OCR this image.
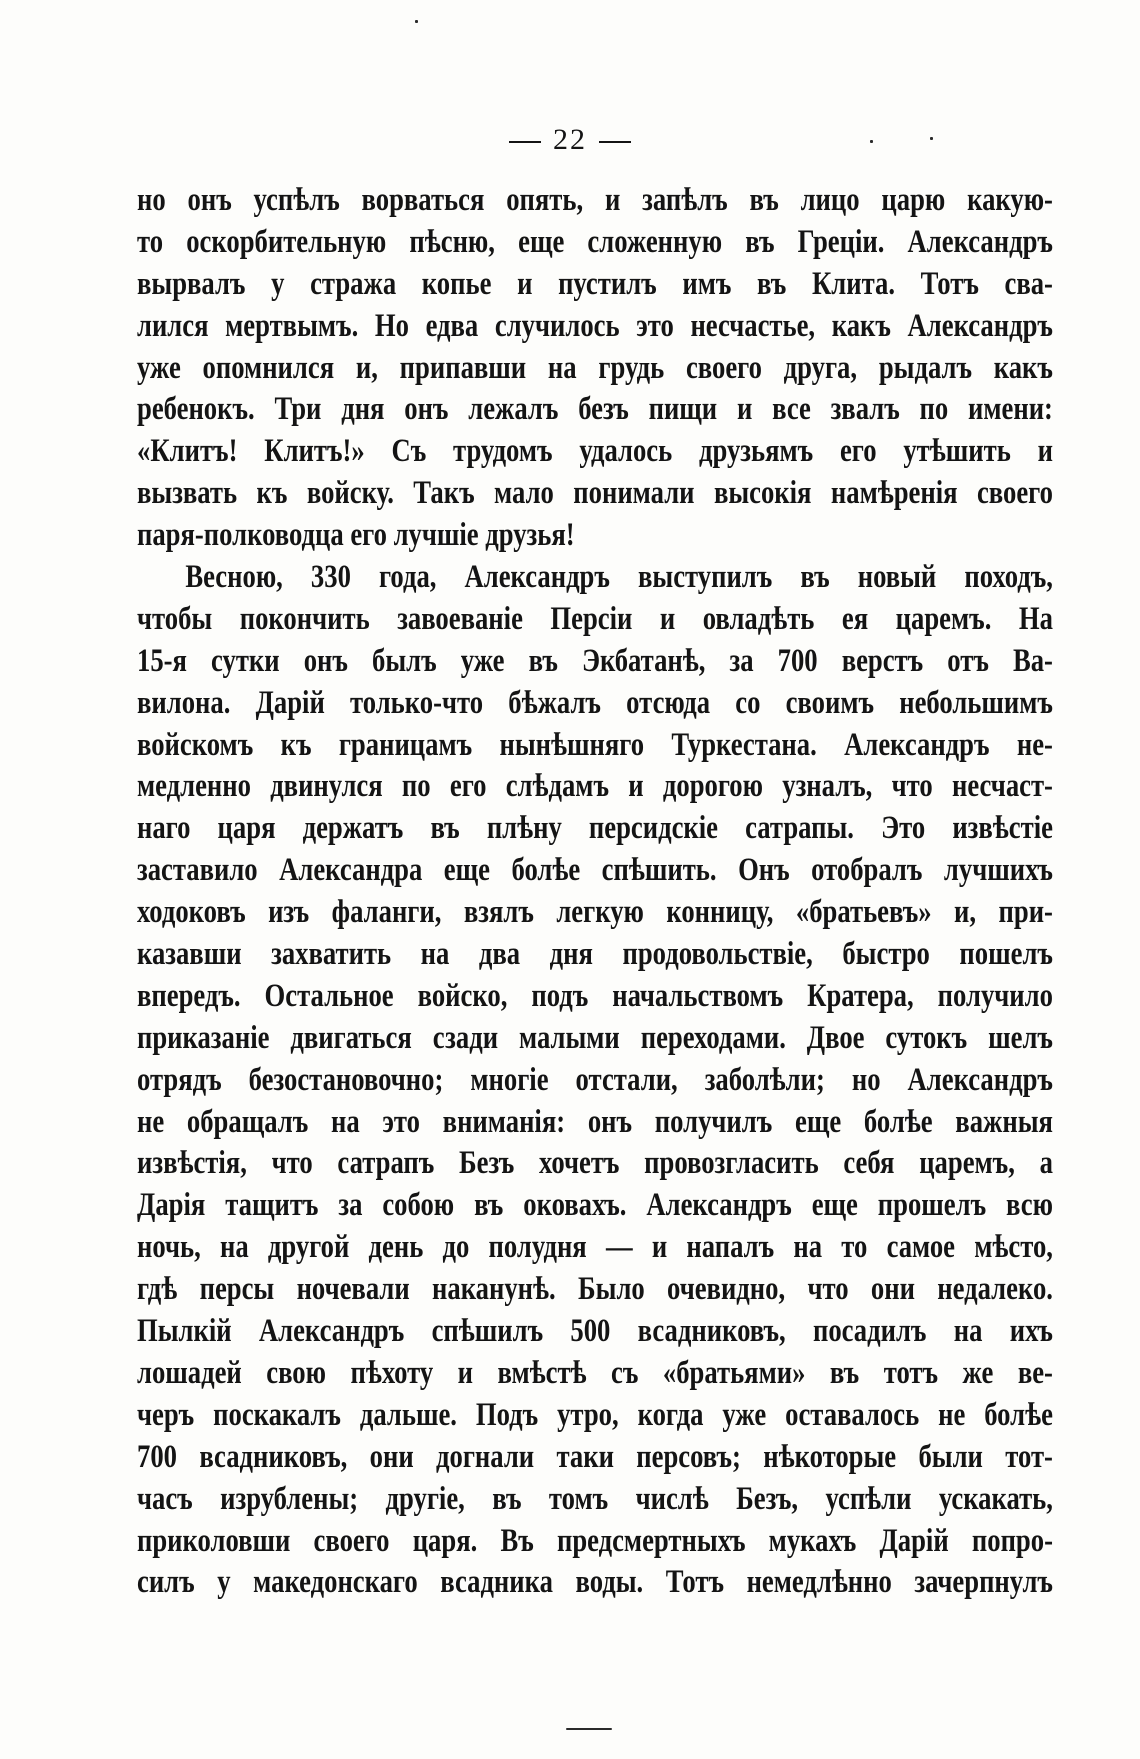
22
но онъ успѣлъ ворваться опять, и запѣлъ въ лицо царю какую-
то оскорбительную пѣсню, еще сложенную въ Греціи. Александръ
вырвалъ у стража копье и пустилъ имъ въ Клита. Тотъ сва-
лился мертвымъ. Но едва случилось это несчастье, какъ Александръ
уже опомнился и, припавши на грудь своего друга, рыдалъ какъ
ребенокъ. Три дня онъ лежалъ безъ пищи и все звалъ по имени:
«Клитъ! Клитъ!» Съ трудомъ удалось друзьямъ его утѣшить и
вызвать къ войску. Такъ мало понимали высокія намѣренія своего
паря-полководца его лучшіе друзья!
Весною, 330 года, Александръ выступилъ въ новый походъ,
чтобы покончить завоеваніе Персіи и овладѣть ея царемъ. На
15-я сутки онъ былъ уже въ Экбатанѣ, за 700 верстъ отъ Ва-
вилона. Дарій только-что бѣжалъ отсюда со своимъ небольшимъ
войскомъ къ границамъ нынѣшняго Туркестана. Александръ не-
медленно двинулся по его слѣдамъ и дорогою узналъ, что несчаст-
наго царя держатъ въ плѣну персидскіе сатрапы. Это извѣстіе
заставило Александра еще болѣе спѣшить. Онъ отобралъ лучшихъ
ходоковъ изъ фаланги, взялъ легкую конницу, «братьевъ» и, при-
казавши захватить на два дня продовольствіе, быстро пошелъ
впередъ. Остальное войско, подъ начальствомъ Кратера, получило
приказаніе двигаться сзади малыми переходами. Двое сутокъ шелъ
отрядъ безостановочно; многіе отстали, заболѣли; но Александръ
не обращалъ на это вниманія: онъ получилъ еще болѣе важныя
извѣстія, что сатрапъ Безъ хочетъ провозгласить себя царемъ, а
Дарія тащитъ за собою въ оковахъ. Александръ еще прошелъ всю
ночь, на другой день до полудня — и напалъ на то самое мѣсто,
гдѣ персы ночевали наканунѣ. Было очевидно, что они недалеко.
Пылкій Александръ спѣшилъ 500 всадниковъ, посадилъ на ихъ
лошадей свою пѣхоту и вмѣстѣ съ «братьями» въ тотъ же ве-
черъ поскакалъ дальше. Подъ утро, когда уже оставалось не болѣе
700 всадниковъ, они догнали таки персовъ; нѣкоторые были тот-
часъ изрублены; другіе, въ томъ числѣ Безъ, успѣли ускакать,
приколовши своего царя. Въ предсмертныхъ мукахъ Дарій попро-
силъ у македонскаго всадника воды. Тотъ немедлѣнно зачерпнулъ
